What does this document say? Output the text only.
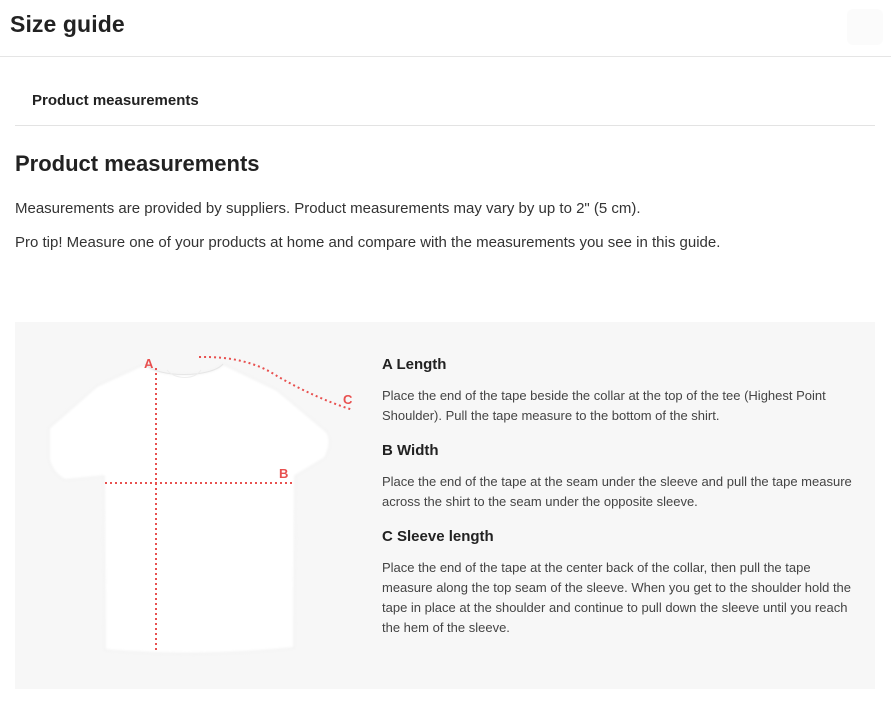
Size guide
Product measurements
Product measurements

Measurements are provided by suppliers. Product measurements may vary by up to 2" (5 cm).

Pro tip! Measure one of your products at home and compare with the measurements you see in this guide.

A
B
C
A Length
Place the end of the tape beside the collar at the top of the tee (Highest Point Shoulder). Pull the tape measure to the bottom of the shirt.
B Width
Place the end of the tape at the seam under the sleeve and pull the tape measure across the shirt to the seam under the opposite sleeve.
C Sleeve length
Place the end of the tape at the center back of the collar, then pull the tape measure along the top seam of the sleeve. When you get to the shoulder hold the tape in place at the shoulder and continue to pull down the sleeve until you reach the hem of the sleeve.
